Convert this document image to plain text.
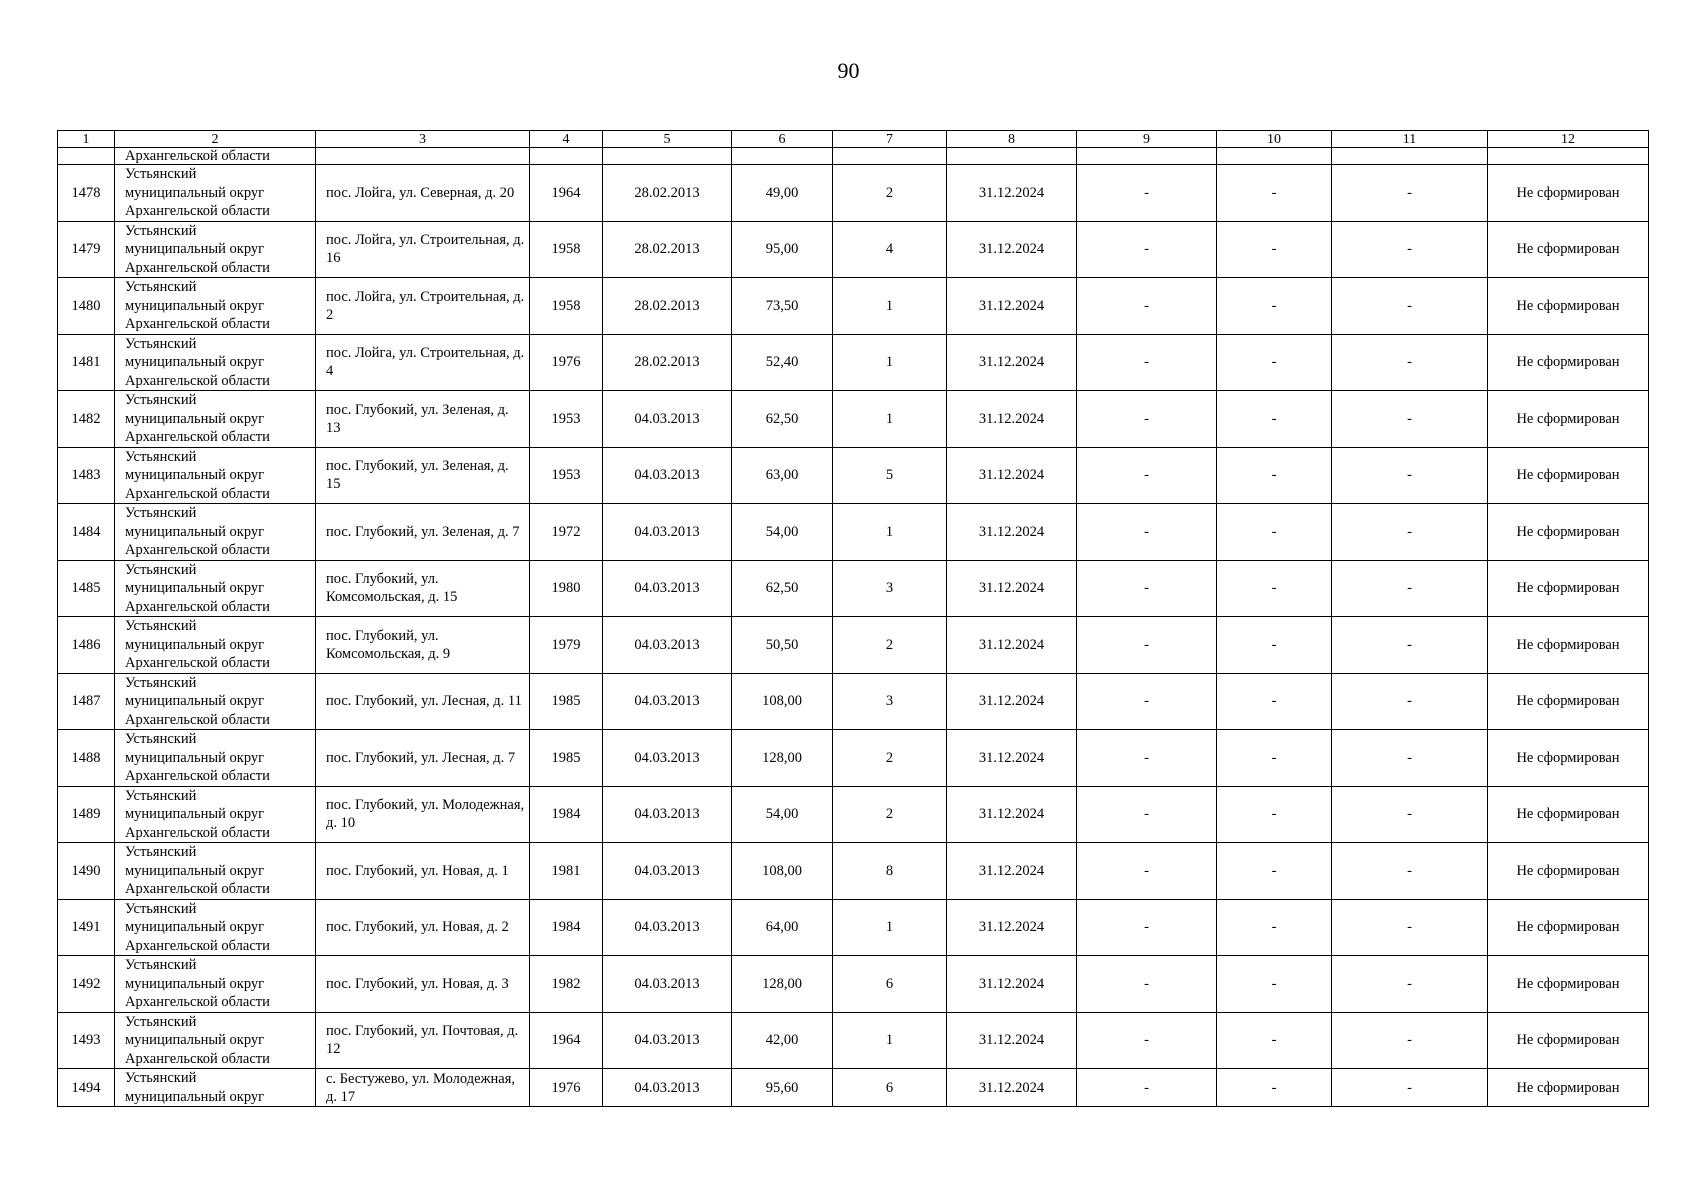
90
1	2	3	4	5	6	7	8	9	10	11	12
	Архангельской области										
1478	Устьянский
муниципальный округ
Архангельской области	пос. Лойга, ул. Северная, д. 20	1964	28.02.2013	49,00	2	31.12.2024	-	-	-	Не сформирован
1479	Устьянский
муниципальный округ
Архангельской области	пос. Лойга, ул. Строительная, д. 16	1958	28.02.2013	95,00	4	31.12.2024	-	-	-	Не сформирован
1480	Устьянский
муниципальный округ
Архангельской области	пос. Лойга, ул. Строительная, д. 2	1958	28.02.2013	73,50	1	31.12.2024	-	-	-	Не сформирован
1481	Устьянский
муниципальный округ
Архангельской области	пос. Лойга, ул. Строительная, д. 4	1976	28.02.2013	52,40	1	31.12.2024	-	-	-	Не сформирован
1482	Устьянский
муниципальный округ
Архангельской области	пос. Глубокий, ул. Зеленая, д. 13	1953	04.03.2013	62,50	1	31.12.2024	-	-	-	Не сформирован
1483	Устьянский
муниципальный округ
Архангельской области	пос. Глубокий, ул. Зеленая, д. 15	1953	04.03.2013	63,00	5	31.12.2024	-	-	-	Не сформирован
1484	Устьянский
муниципальный округ
Архангельской области	пос. Глубокий, ул. Зеленая, д. 7	1972	04.03.2013	54,00	1	31.12.2024	-	-	-	Не сформирован
1485	Устьянский
муниципальный округ
Архангельской области	пос. Глубокий, ул. Комсомольская, д. 15	1980	04.03.2013	62,50	3	31.12.2024	-	-	-	Не сформирован
1486	Устьянский
муниципальный округ
Архангельской области	пос. Глубокий, ул. Комсомольская, д. 9	1979	04.03.2013	50,50	2	31.12.2024	-	-	-	Не сформирован
1487	Устьянский
муниципальный округ
Архангельской области	пос. Глубокий, ул. Лесная, д. 11	1985	04.03.2013	108,00	3	31.12.2024	-	-	-	Не сформирован
1488	Устьянский
муниципальный округ
Архангельской области	пос. Глубокий, ул. Лесная, д. 7	1985	04.03.2013	128,00	2	31.12.2024	-	-	-	Не сформирован
1489	Устьянский
муниципальный округ
Архангельской области	пос. Глубокий, ул. Молодежная, д. 10	1984	04.03.2013	54,00	2	31.12.2024	-	-	-	Не сформирован
1490	Устьянский
муниципальный округ
Архангельской области	пос. Глубокий, ул. Новая, д. 1	1981	04.03.2013	108,00	8	31.12.2024	-	-	-	Не сформирован
1491	Устьянский
муниципальный округ
Архангельской области	пос. Глубокий, ул. Новая, д. 2	1984	04.03.2013	64,00	1	31.12.2024	-	-	-	Не сформирован
1492	Устьянский
муниципальный округ
Архангельской области	пос. Глубокий, ул. Новая, д. 3	1982	04.03.2013	128,00	6	31.12.2024	-	-	-	Не сформирован
1493	Устьянский
муниципальный округ
Архангельской области	пос. Глубокий, ул. Почтовая, д. 12	1964	04.03.2013	42,00	1	31.12.2024	-	-	-	Не сформирован
1494	Устьянский
муниципальный округ	с. Бестужево, ул. Молодежная, д. 17	1976	04.03.2013	95,60	6	31.12.2024	-	-	-	Не сформирован
